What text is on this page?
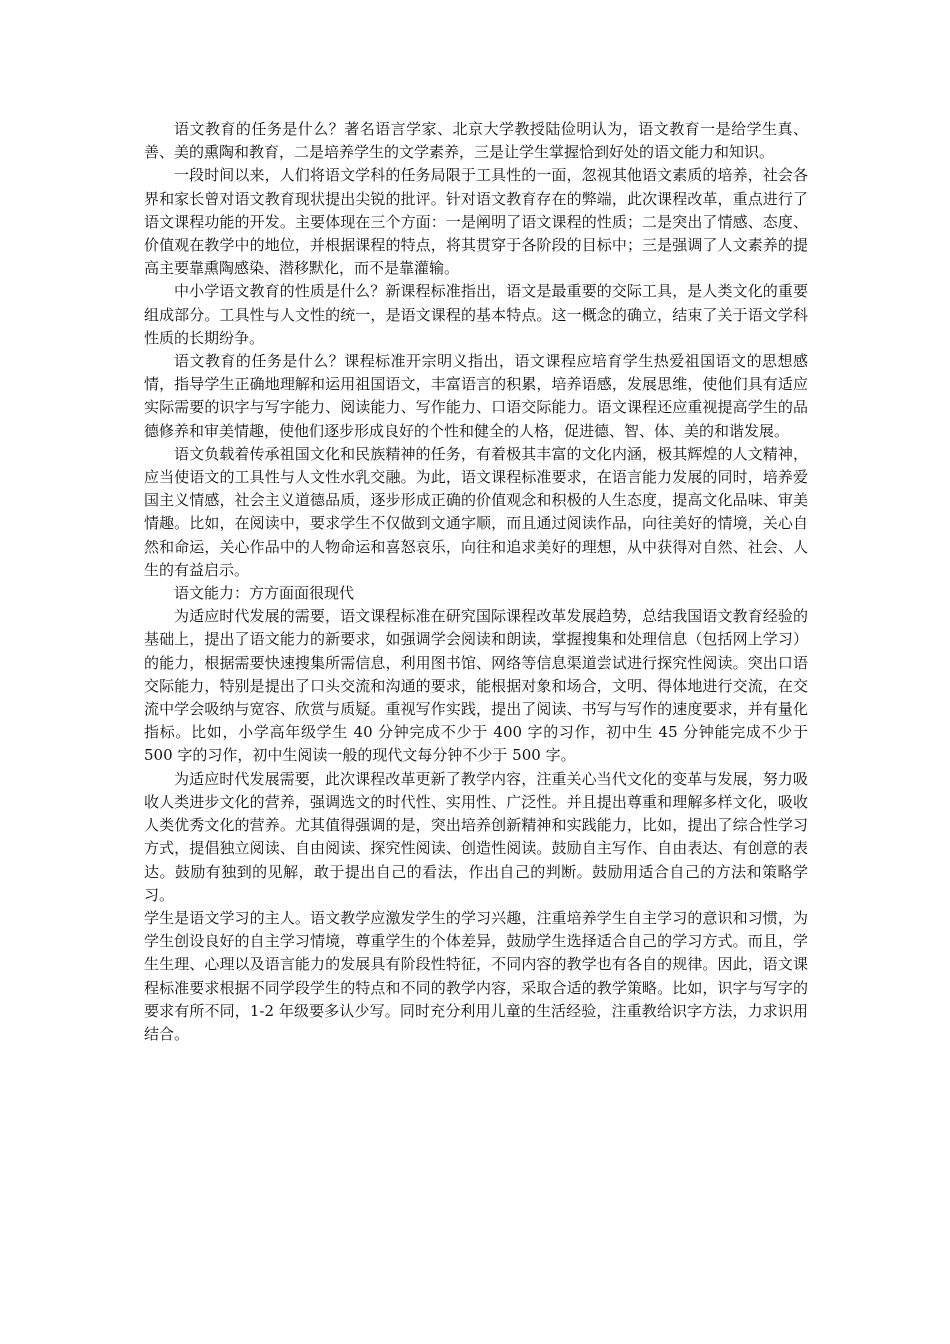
语文教育的任务是什么？著名语言学家、北京大学教授陆俭明认为，语文教育一是给学生真、善、美的熏陶和教育，二是培养学生的文学素养，三是让学生掌握恰到好处的语文能力和知识。

一段时间以来，人们将语文学科的任务局限于工具性的一面，忽视其他语文素质的培养，社会各界和家长曾对语文教育现状提出尖锐的批评。针对语文教育存在的弊端，此次课程改革，重点进行了语文课程功能的开发。主要体现在三个方面：一是阐明了语文课程的性质；二是突出了情感、态度、价值观在教学中的地位，并根据课程的特点，将其贯穿于各阶段的目标中；三是强调了人文素养的提高主要靠熏陶感染、潜移默化，而不是靠灌输。

中小学语文教育的性质是什么？新课程标准指出，语文是最重要的交际工具，是人类文化的重要组成部分。工具性与人文性的统一，是语文课程的基本特点。这一概念的确立，结束了关于语文学科性质的长期纷争。

语文教育的任务是什么？课程标准开宗明义指出，语文课程应培育学生热爱祖国语文的思想感情，指导学生正确地理解和运用祖国语文，丰富语言的积累，培养语感，发展思维，使他们具有适应实际需要的识字与写字能力、阅读能力、写作能力、口语交际能力。语文课程还应重视提高学生的品德修养和审美情趣，使他们逐步形成良好的个性和健全的人格，促进德、智、体、美的和谐发展。

语文负载着传承祖国文化和民族精神的任务，有着极其丰富的文化内涵，极其辉煌的人文精神，应当使语文的工具性与人文性水乳交融。为此，语文课程标准要求，在语言能力发展的同时，培养爱国主义情感，社会主义道德品质，逐步形成正确的价值观念和积极的人生态度，提高文化品味、审美情趣。比如，在阅读中，要求学生不仅做到文通字顺，而且通过阅读作品，向往美好的情境，关心自然和命运，关心作品中的人物命运和喜怒哀乐，向往和追求美好的理想，从中获得对自然、社会、人生的有益启示。

语文能力：方方面面很现代

为适应时代发展的需要，语文课程标准在研究国际课程改革发展趋势，总结我国语文教育经验的基础上，提出了语文能力的新要求，如强调学会阅读和朗读，掌握搜集和处理信息（包括网上学习）的能力，根据需要快速搜集所需信息，利用图书馆、网络等信息渠道尝试进行探究性阅读。突出口语交际能力，特别是提出了口头交流和沟通的要求，能根据对象和场合，文明、得体地进行交流，在交流中学会吸纳与宽容、欣赏与质疑。重视写作实践，提出了阅读、书写与写作的速度要求，并有量化指标。比如，小学高年级学生 40 分钟完成不少于 400 字的习作，初中生 45 分钟能完成不少于 500 字的习作，初中生阅读一般的现代文每分钟不少于 500 字。

为适应时代发展需要，此次课程改革更新了教学内容，注重关心当代文化的变革与发展，努力吸收人类进步文化的营养，强调选文的时代性、实用性、广泛性。并且提出尊重和理解多样文化，吸收人类优秀文化的营养。尤其值得强调的是，突出培养创新精神和实践能力，比如，提出了综合性学习方式，提倡独立阅读、自由阅读、探究性阅读、创造性阅读。鼓励自主写作、自由表达、有创意的表达。鼓励有独到的见解，敢于提出自己的看法，作出自己的判断。鼓励用适合自己的方法和策略学习。

学生是语文学习的主人。语文教学应激发学生的学习兴趣，注重培养学生自主学习的意识和习惯，为学生创设良好的自主学习情境，尊重学生的个体差异，鼓励学生选择适合自己的学习方式。而且，学生生理、心理以及语言能力的发展具有阶段性特征，不同内容的教学也有各自的规律。因此，语文课程标准要求根据不同学段学生的特点和不同的教学内容，采取合适的教学策略。比如，识字与写字的要求有所不同，1-2 年级要多认少写。同时充分利用儿童的生活经验，注重教给识字方法，力求识用结合。
